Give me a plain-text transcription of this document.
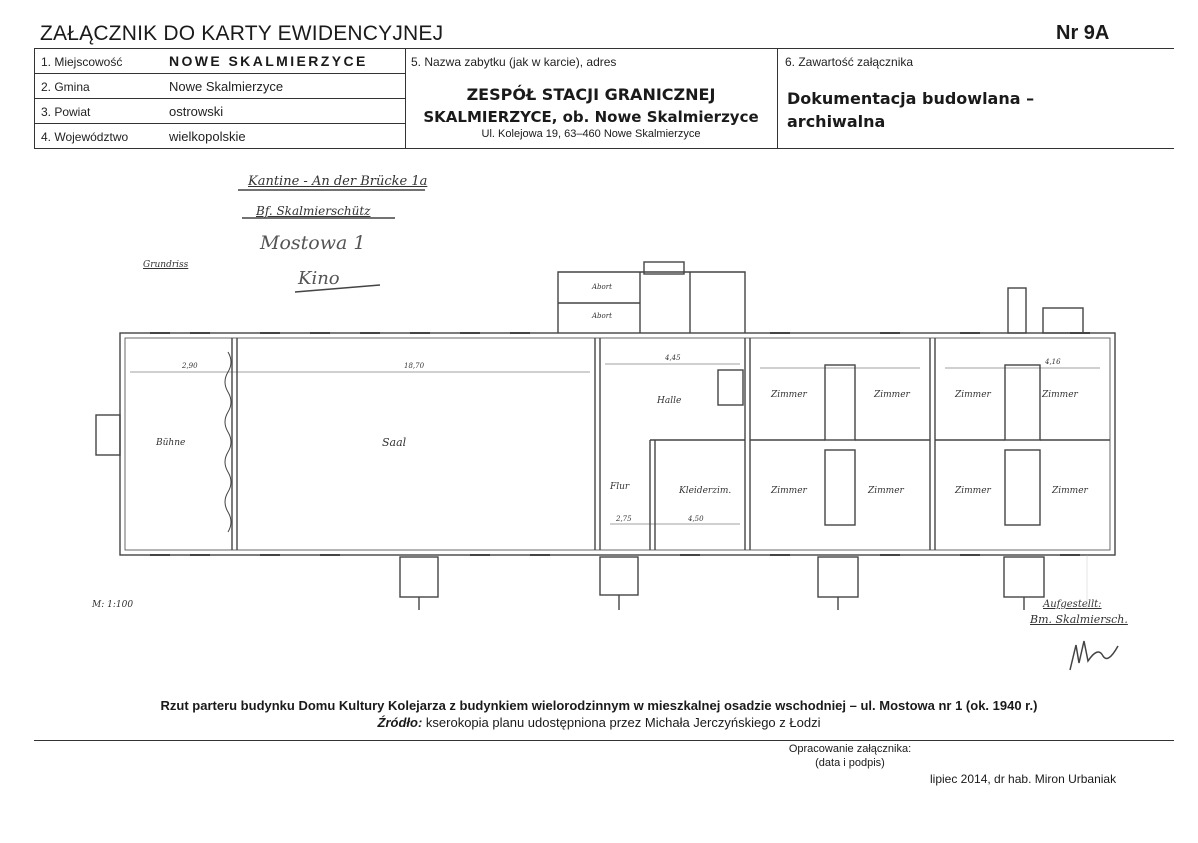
ZAŁĄCZNIK DO KARTY EWIDENCYJNEJ	Nr 9A
1. Miejscowość	NOWE SKALMIERZYCE
2. Gmina	Nowe Skalmierzyce
3. Powiat	ostrowski
4. Województwo	wielkopolskie
5. Nazwa zabytku (jak w karcie), adres
ZESPÓŁ STACJI GRANICZNEJ
SKALMIERZYCE, ob. Nowe Skalmierzyce
Ul. Kolejowa 19, 63–460 Nowe Skalmierzyce
6. Zawartość załącznika
Dokumentacja budowlana –
archiwalna
Kantine - An der Brücke 1a
Bf. Skalmierschütz
Mostowa 1
Kino
Grundriss
M: 1:100	Aufgestellt:
Bm. Skalmiersch.
Bühne	Saal
Halle
Flur	Kleiderzim.
Abort
Abort
Zimmer	Zimmer	Zimmer	Zimmer
Zimmer	Zimmer	Zimmer	Zimmer
2,90	18,70
4,45
4,50
2,75
4,16
Rzut parteru budynku Domu Kultury Kolejarza z budynkiem wielorodzinnym w mieszkalnej osadzie wschodniej – ul. Mostowa nr 1 (ok. 1940 r.)
Źródło: kserokopia planu udostępniona przez Michała Jerczyńskiego z Łodzi
Opracowanie załącznika:
(data i podpis)
lipiec 2014, dr hab. Miron Urbaniak
